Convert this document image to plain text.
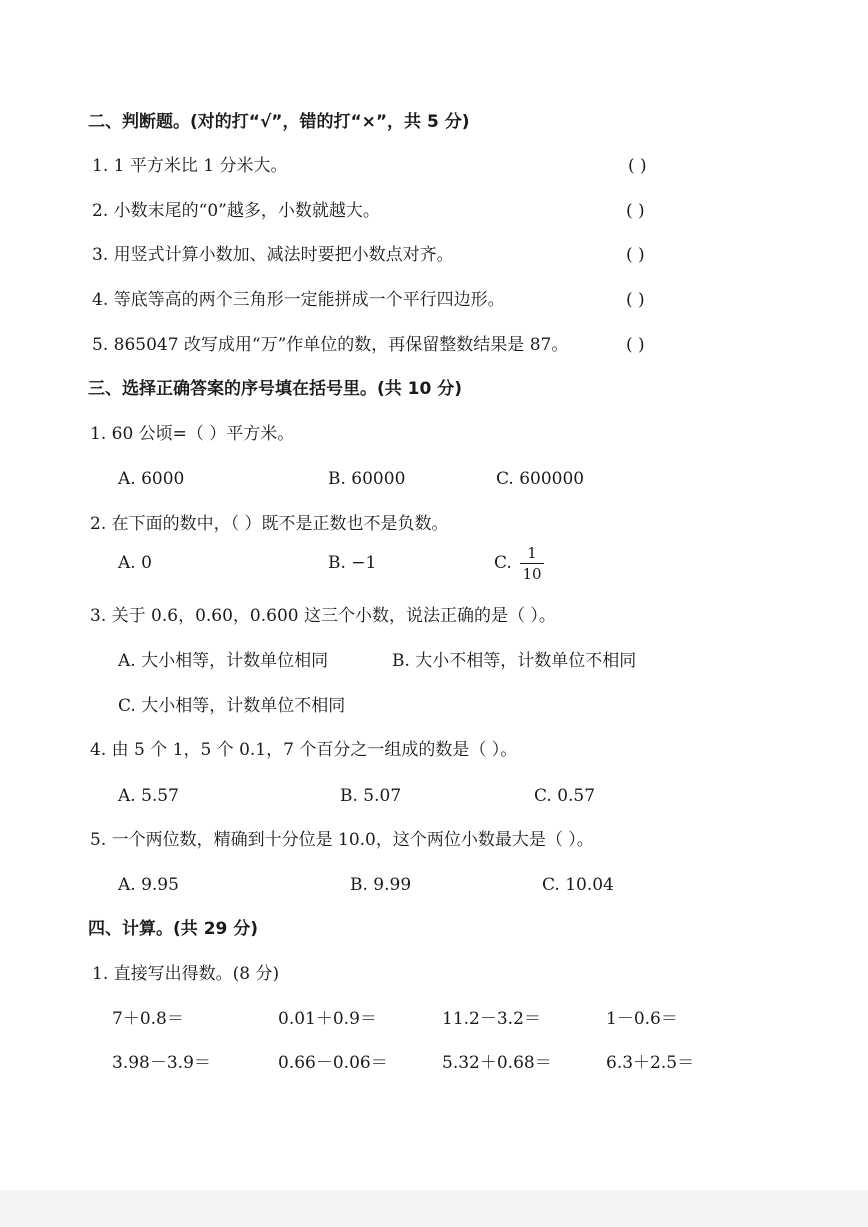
二、判断题。(对的打“√”，错的打“×”，共 5 分)
1. 1 平方米比 1 分米大。	( )
2. 小数末尾的“0”越多，小数就越大。	( )
3. 用竖式计算小数加、减法时要把小数点对齐。	( )
4. 等底等高的两个三角形一定能拼成一个平行四边形。	( )
5. 865047 改写成用“万”作单位的数，再保留整数结果是 87。	( )
三、选择正确答案的序号填在括号里。(共 10 分)
1. 60 公顷=（ ）平方米。
A. 6000	B. 60000	C. 600000
2. 在下面的数中，（ ）既不是正数也不是负数。
A. 0	B. −1	C.	1
10
3. 关于 0.6，0.60，0.600 这三个小数，说法正确的是（ ）。
A. 大小相等，计数单位相同	B. 大小不相等，计数单位不相同
C. 大小相等，计数单位不相同
4. 由 5 个 1，5 个 0.1，7 个百分之一组成的数是（ ）。
A. 5.57	B. 5.07	C. 0.57
5. 一个两位数，精确到十分位是 10.0，这个两位小数最大是（ ）。
A. 9.95	B. 9.99	C. 10.04
四、计算。(共 29 分)
1. 直接写出得数。(8 分)
7＋0.8＝	0.01＋0.9＝	11.2－3.2＝	1－0.6＝
3.98－3.9＝	0.66－0.06＝	5.32＋0.68＝	6.3＋2.5＝
